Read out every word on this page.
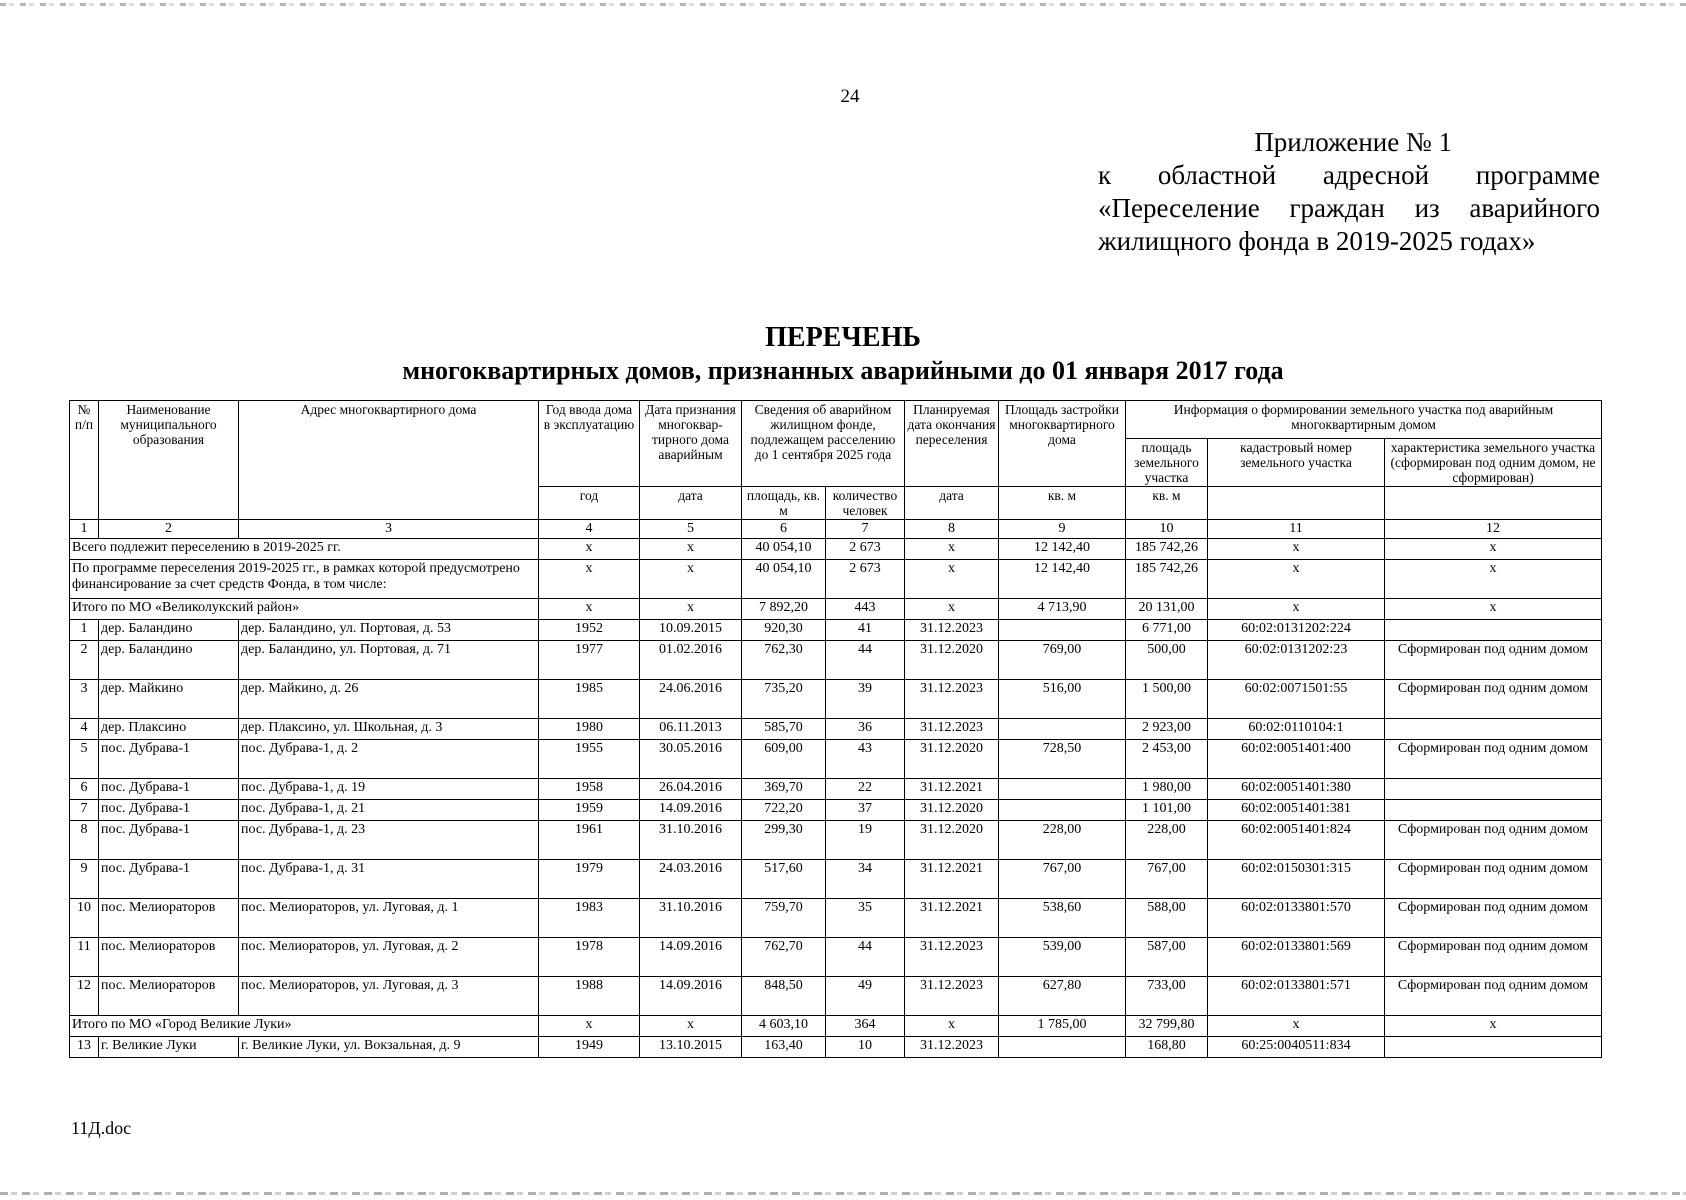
24
Приложение № 1
к областной адресной программе
«Переселение граждан из аварийного
жилищного фонда в 2019-2025 годах»
ПЕРЕЧЕНЬ
многоквартирных домов, признанных аварийными до 01 января 2017 года
№ п/п	Наименование муниципального образования	Адрес многоквартирного дома	Год ввода дома в эксплуатацию	Дата признания многоквар-тирного дома аварийным	Сведения об аварийном жилищном фонде, подлежащем расселению до 1 сентября 2025 года		Планируемая дата окончания переселения	Площадь застройки многоквартирного дома	Информация о формировании земельного участка под аварийным многоквартирным домом		
									площадь земельного участка	кадастровый номер земельного участка	характеристика земельного участка (сформирован под одним домом, не сформирован)
			год	дата	площадь, кв. м	количество человек	дата	кв. м	кв. м		
1	2	3	4	5	6	7	8	9	10	11	12
Всего подлежит переселению в 2019-2025 гг.			x	x	40 054,10	2 673	x	12 142,40	185 742,26	x	x
По программе переселения 2019-2025 гг., в рамках которой предусмотрено финансирование за счет средств Фонда, в том числе:			x	x	40 054,10	2 673	x	12 142,40	185 742,26	x	x
Итого по МО «Великолукский район»			x	x	7 892,20	443	x	4 713,90	20 131,00	x	x
1	дер. Баландино	дер. Баландино, ул. Портовая, д. 53	1952	10.09.2015	920,30	41	31.12.2023		6 771,00	60:02:0131202:224	
2	дер. Баландино	дер. Баландино, ул. Портовая, д. 71	1977	01.02.2016	762,30	44	31.12.2020	769,00	500,00	60:02:0131202:23	Сформирован под одним домом
3	дер. Майкино	дер. Майкино, д. 26	1985	24.06.2016	735,20	39	31.12.2023	516,00	1 500,00	60:02:0071501:55	Сформирован под одним домом
4	дер. Плаксино	дер. Плаксино, ул. Школьная, д. 3	1980	06.11.2013	585,70	36	31.12.2023		2 923,00	60:02:0110104:1	
5	пос. Дубрава-1	пос. Дубрава-1, д. 2	1955	30.05.2016	609,00	43	31.12.2020	728,50	2 453,00	60:02:0051401:400	Сформирован под одним домом
6	пос. Дубрава-1	пос. Дубрава-1, д. 19	1958	26.04.2016	369,70	22	31.12.2021		1 980,00	60:02:0051401:380	
7	пос. Дубрава-1	пос. Дубрава-1, д. 21	1959	14.09.2016	722,20	37	31.12.2020		1 101,00	60:02:0051401:381	
8	пос. Дубрава-1	пос. Дубрава-1, д. 23	1961	31.10.2016	299,30	19	31.12.2020	228,00	228,00	60:02:0051401:824	Сформирован под одним домом
9	пос. Дубрава-1	пос. Дубрава-1, д. 31	1979	24.03.2016	517,60	34	31.12.2021	767,00	767,00	60:02:0150301:315	Сформирован под одним домом
10	пос. Мелиораторов	пос. Мелиораторов, ул. Луговая, д. 1	1983	31.10.2016	759,70	35	31.12.2021	538,60	588,00	60:02:0133801:570	Сформирован под одним домом
11	пос. Мелиораторов	пос. Мелиораторов, ул. Луговая, д. 2	1978	14.09.2016	762,70	44	31.12.2023	539,00	587,00	60:02:0133801:569	Сформирован под одним домом
12	пос. Мелиораторов	пос. Мелиораторов, ул. Луговая, д. 3	1988	14.09.2016	848,50	49	31.12.2023	627,80	733,00	60:02:0133801:571	Сформирован под одним домом
Итого по МО «Город Великие Луки»			x	x	4 603,10	364	x	1 785,00	32 799,80	x	x
13	г. Великие Луки	г. Великие Луки, ул. Вокзальная, д. 9	1949	13.10.2015	163,40	10	31.12.2023		168,80	60:25:0040511:834	
11Д.doc
